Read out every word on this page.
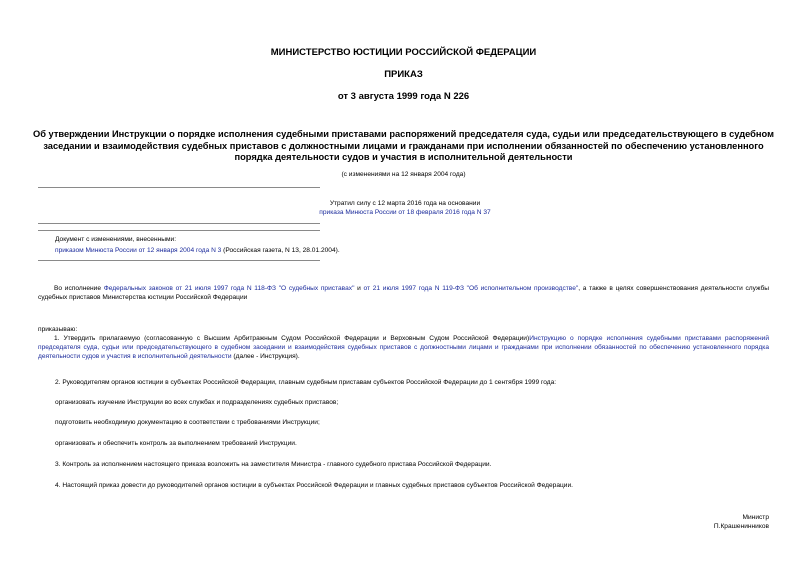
МИНИСТЕРСТВО ЮСТИЦИИ РОССИЙСКОЙ ФЕДЕРАЦИИ
ПРИКАЗ
от 3 августа 1999 года N 226
Об утверждении Инструкции о порядке исполнения судебными приставами распоряжений председателя суда, судьи или председательствующего в судебном заседании и взаимодействия судебных приставов с должностными лицами и гражданами при исполнении обязанностей по обеспечению установленного порядка деятельности судов и участия в исполнительной деятельности
(с изменениями на 12 января 2004 года)
Утратил силу с 12 марта 2016 года на основании
приказа Минюста России от 18 февраля 2016 года N 37
Документ с изменениями, внесенными:
приказом Минюста России от 12 января 2004 года N 3 (Российская газета, N 13, 28.01.2004).
Во исполнение Федеральных законов от 21 июля 1997 года N 118-ФЗ "О судебных приставах" и от 21 июля 1997 года N 119-ФЗ "Об исполнительном производстве", а также в целях совершенствования деятельности службы судебных приставов Министерства юстиции Российской Федерации
приказываю:
1. Утвердить прилагаемую (согласованную с Высшим Арбитражным Судом Российской Федерации и Верховным Судом Российской Федерации)Инструкцию о порядке исполнения судебными приставами распоряжений председателя суда, судьи или председательствующего в судебном заседании и взаимодействия судебных приставов с должностными лицами и гражданами при исполнении обязанностей по обеспечению установленного порядка деятельности судов и участия в исполнительной деятельности (далее - Инструкция).
2. Руководителям органов юстиции в субъектах Российской Федерации, главным судебным приставам субъектов Российской Федерации до 1 сентября 1999 года:
организовать изучение Инструкции во всех службах и подразделениях судебных приставов;
подготовить необходимую документацию в соответствии с требованиями Инструкции;
организовать и обеспечить контроль за выполнением требований Инструкции.
3. Контроль за исполнением настоящего приказа возложить на заместителя Министра - главного судебного пристава Российской Федерации.
4. Настоящий приказ довести до руководителей органов юстиции в субъектах Российской Федерации и главных судебных приставов субъектов Российской Федерации.
Министр
П.Крашенинников
